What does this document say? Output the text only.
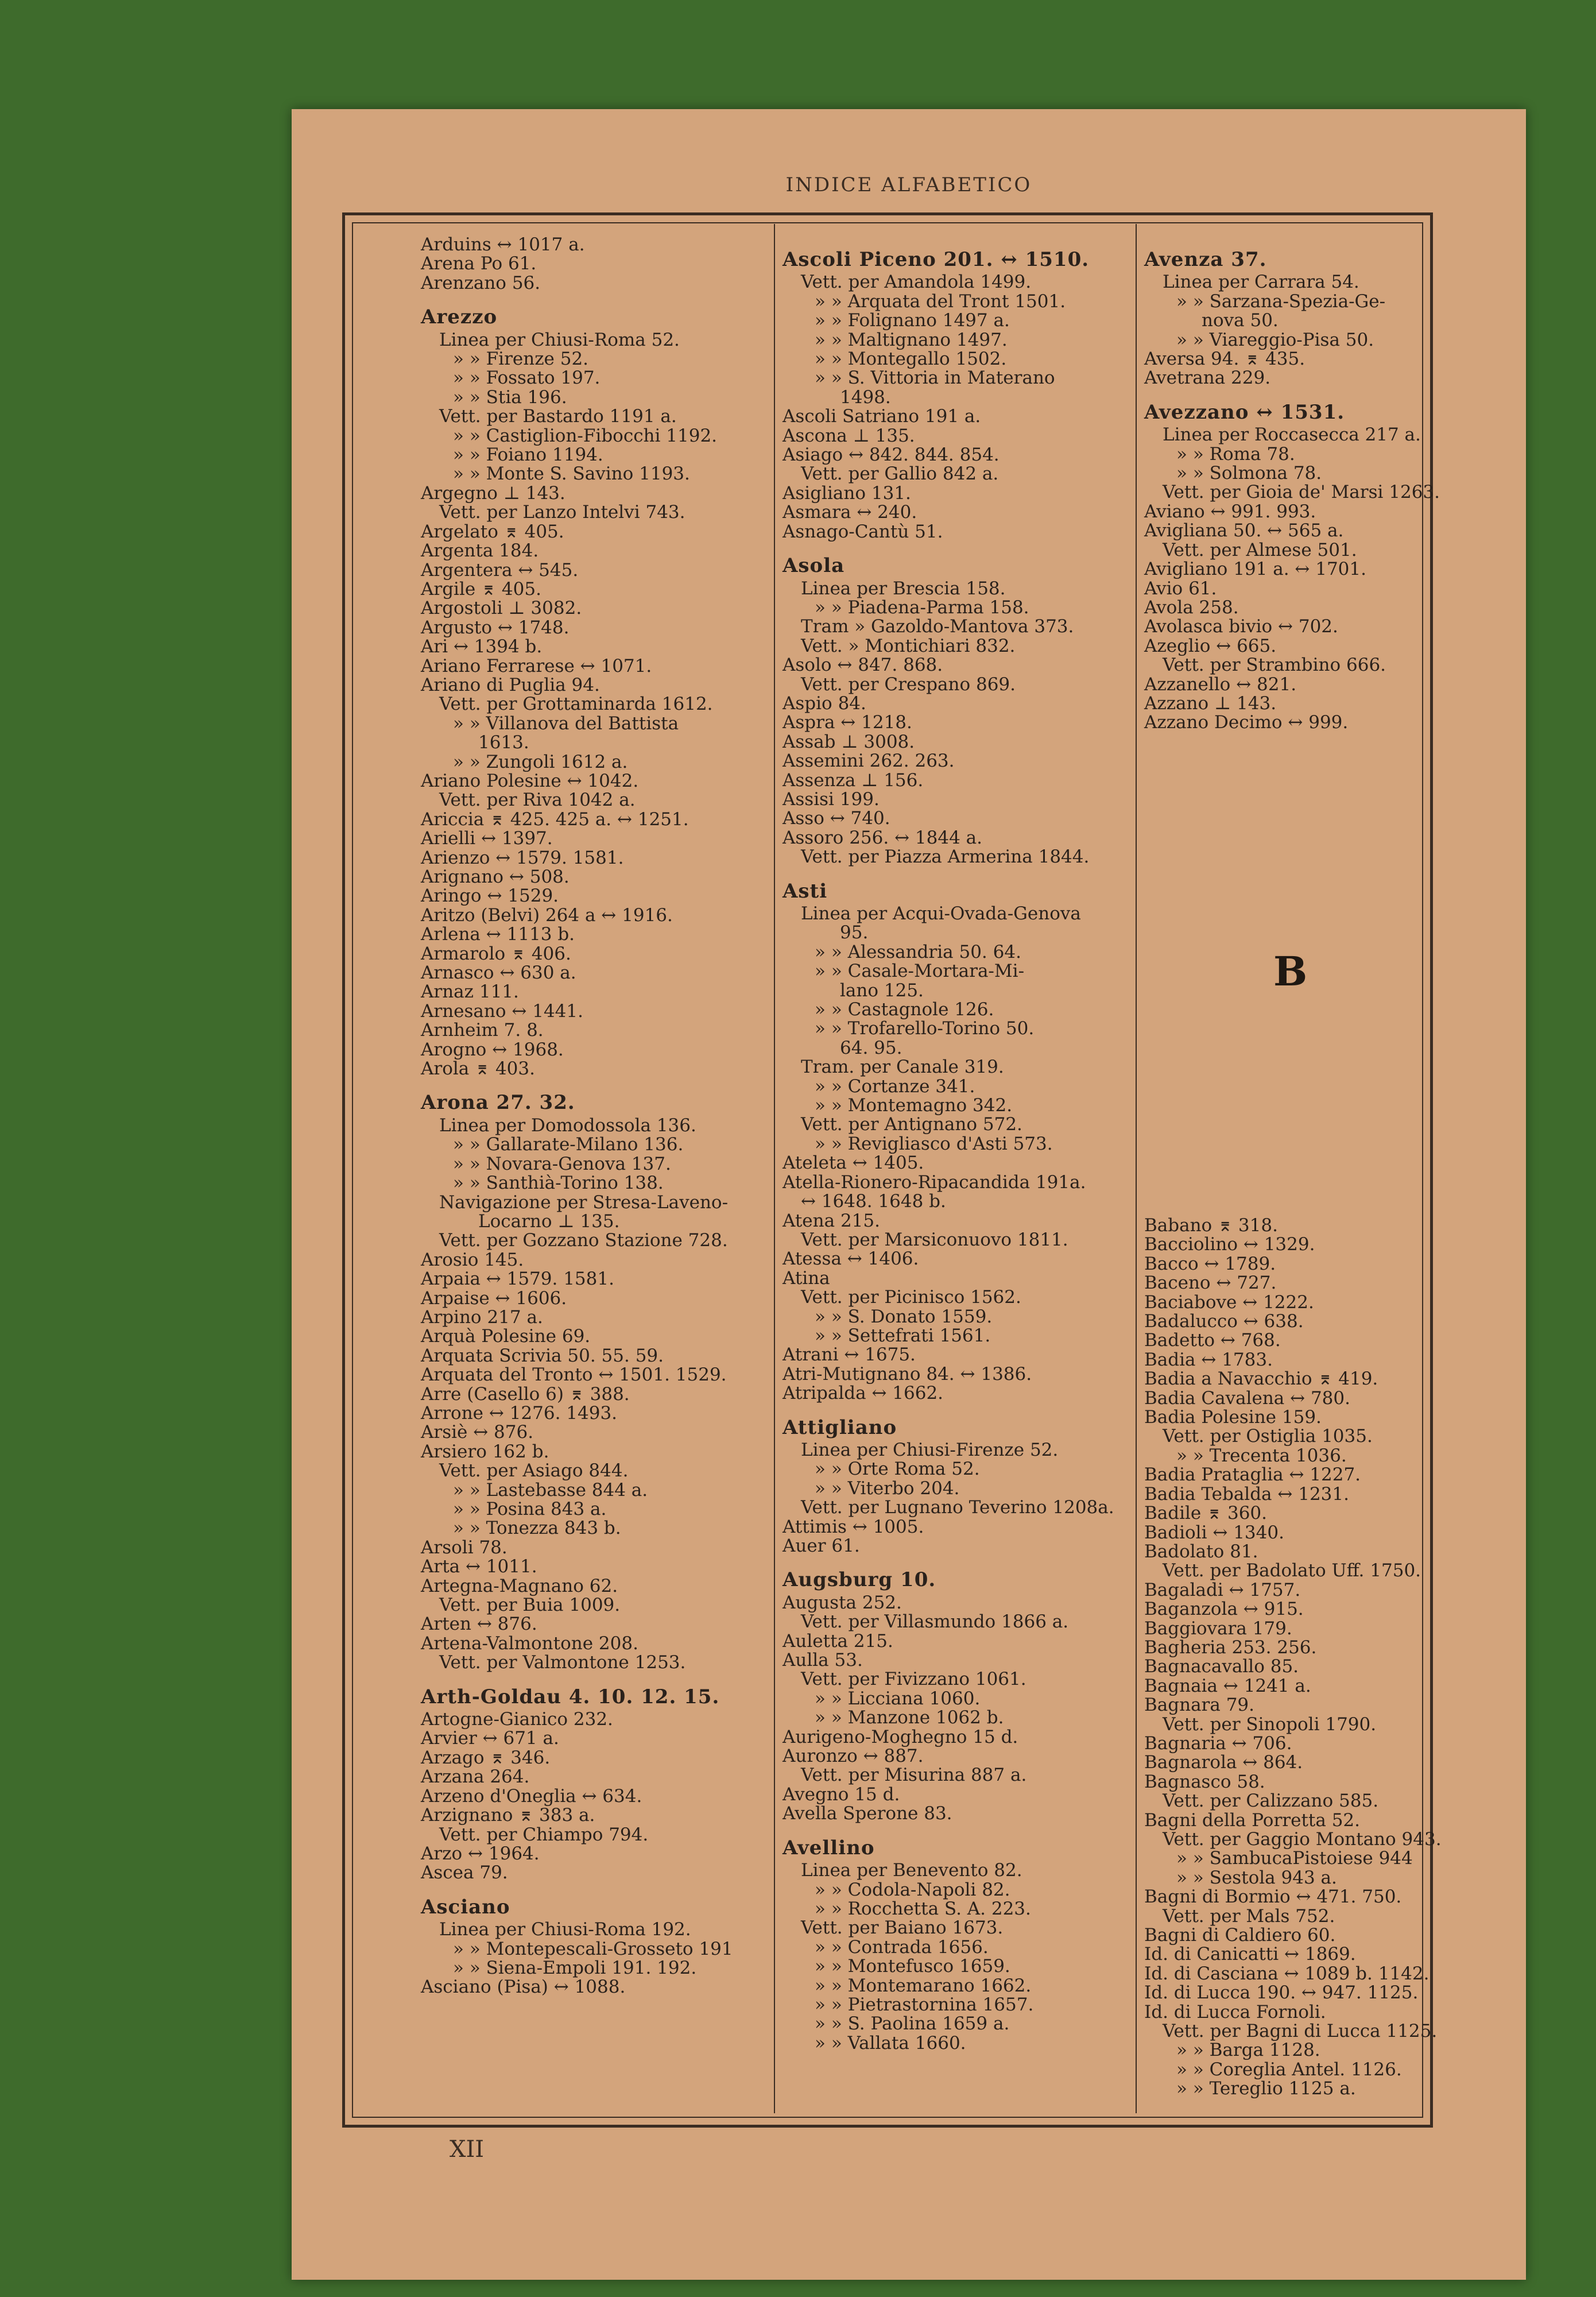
INDICE ALFABETICO
Arduins ↔ 1017 a.
Arena Po 61.
Arenzano 56.
Arezzo
Linea per Chiusi-Roma 52.
» » Firenze 52.
» » Fossato 197.
» » Stia 196.
Vett. per Bastardo 1191 a.
» » Castiglion-Fibocchi 1192.
» » Foiano 1194.
» » Monte S. Savino 1193.
Argegno ⊥ 143.
Vett. per Lanzo Intelvi 743.
Argelato ⌆ 405.
Argenta 184.
Argentera ↔ 545.
Argile ⌆ 405.
Argostoli ⊥ 3082.
Argusto ↔ 1748.
Ari ↔ 1394 b.
Ariano Ferrarese ↔ 1071.
Ariano di Puglia 94.
Vett. per Grottaminarda 1612.
» » Villanova del Battista
1613.
» » Zungoli 1612 a.
Ariano Polesine ↔ 1042.
Vett. per Riva 1042 a.
Ariccia ⌆ 425. 425 a. ↔ 1251.
Arielli ↔ 1397.
Arienzo ↔ 1579. 1581.
Arignano ↔ 508.
Aringo ↔ 1529.
Aritzo (Belvi) 264 a ↔ 1916.
Arlena ↔ 1113 b.
Armarolo ⌆ 406.
Arnasco ↔ 630 a.
Arnaz 111.
Arnesano ↔ 1441.
Arnheim 7. 8.
Arogno ↔ 1968.
Arola ⌆ 403.
Arona 27. 32.
Linea per Domodossola 136.
» » Gallarate-Milano 136.
» » Novara-Genova 137.
» » Santhià-Torino 138.
Navigazione per Stresa-Laveno-
Locarno ⊥ 135.
Vett. per Gozzano Stazione 728.
Arosio 145.
Arpaia ↔ 1579. 1581.
Arpaise ↔ 1606.
Arpino 217 a.
Arquà Polesine 69.
Arquata Scrivia 50. 55. 59.
Arquata del Tronto ↔ 1501. 1529.
Arre (Casello 6) ⌆ 388.
Arrone ↔ 1276. 1493.
Arsiè ↔ 876.
Arsiero 162 b.
Vett. per Asiago 844.
» » Lastebasse 844 a.
» » Posina 843 a.
» » Tonezza 843 b.
Arsoli 78.
Arta ↔ 1011.
Artegna-Magnano 62.
Vett. per Buia 1009.
Arten ↔ 876.
Artena-Valmontone 208.
Vett. per Valmontone 1253.
Arth-Goldau 4. 10. 12. 15.
Artogne-Gianico 232.
Arvier ↔ 671 a.
Arzago ⌆ 346.
Arzana 264.
Arzeno d'Oneglia ↔ 634.
Arzignano ⌆ 383 a.
Vett. per Chiampo 794.
Arzo ↔ 1964.
Ascea 79.
Asciano
Linea per Chiusi-Roma 192.
» » Montepescali-Grosseto 191
» » Siena-Empoli 191. 192.
Asciano (Pisa) ↔ 1088.
Ascoli Piceno 201. ↔ 1510.
Vett. per Amandola 1499.
» » Arquata del Tront 1501.
» » Folignano 1497 a.
» » Maltignano 1497.
» » Montegallo 1502.
» » S. Vittoria in Materano
1498.
Ascoli Satriano 191 a.
Ascona ⊥ 135.
Asiago ↔ 842. 844. 854.
Vett. per Gallio 842 a.
Asigliano 131.
Asmara ↔ 240.
Asnago-Cantù 51.
Asola
Linea per Brescia 158.
» » Piadena-Parma 158.
Tram » Gazoldo-Mantova 373.
Vett. » Montichiari 832.
Asolo ↔ 847. 868.
Vett. per Crespano 869.
Aspio 84.
Aspra ↔ 1218.
Assab ⊥ 3008.
Assemini 262. 263.
Assenza ⊥ 156.
Assisi 199.
Asso ↔ 740.
Assoro 256. ↔ 1844 a.
Vett. per Piazza Armerina 1844.
Asti
Linea per Acqui-Ovada-Genova
95.
» » Alessandria 50. 64.
» » Casale-Mortara-Mi-
lano 125.
» » Castagnole 126.
» » Trofarello-Torino 50.
64. 95.
Tram. per Canale 319.
» » Cortanze 341.
» » Montemagno 342.
Vett. per Antignano 572.
» » Revigliasco d'Asti 573.
Ateleta ↔ 1405.
Atella-Rionero-Ripacandida 191a.
↔ 1648. 1648 b.
Atena 215.
Vett. per Marsiconuovo 1811.
Atessa ↔ 1406.
Atina
Vett. per Picinisco 1562.
» » S. Donato 1559.
» » Settefrati 1561.
Atrani ↔ 1675.
Atri-Mutignano 84. ↔ 1386.
Atripalda ↔ 1662.
Attigliano
Linea per Chiusi-Firenze 52.
» » Orte Roma 52.
» » Viterbo 204.
Vett. per Lugnano Teverino 1208a.
Attimis ↔ 1005.
Auer 61.
Augsburg 10.
Augusta 252.
Vett. per Villasmundo 1866 a.
Auletta 215.
Aulla 53.
Vett. per Fivizzano 1061.
» » Licciana 1060.
» » Manzone 1062 b.
Aurigeno-Moghegno 15 d.
Auronzo ↔ 887.
Vett. per Misurina 887 a.
Avegno 15 d.
Avella Sperone 83.
Avellino
Linea per Benevento 82.
» » Codola-Napoli 82.
» » Rocchetta S. A. 223.
Vett. per Baiano 1673.
» » Contrada 1656.
» » Montefusco 1659.
» » Montemarano 1662.
» » Pietrastornina 1657.
» » S. Paolina 1659 a.
» » Vallata 1660.
Avenza 37.
Linea per Carrara 54.
» » Sarzana-Spezia-Ge-
nova 50.
» » Viareggio-Pisa 50.
Aversa 94. ⌆ 435.
Avetrana 229.
Avezzano ↔ 1531.
Linea per Roccasecca 217 a.
» » Roma 78.
» » Solmona 78.
Vett. per Gioia de' Marsi 1263.
Aviano ↔ 991. 993.
Avigliana 50. ↔ 565 a.
Vett. per Almese 501.
Avigliano 191 a. ↔ 1701.
Avio 61.
Avola 258.
Avolasca bivio ↔ 702.
Azeglio ↔ 665.
Vett. per Strambino 666.
Azzanello ↔ 821.
Azzano ⊥ 143.
Azzano Decimo ↔ 999.
Babano ⌆ 318.
Bacciolino ↔ 1329.
Bacco ↔ 1789.
Baceno ↔ 727.
Baciabove ↔ 1222.
Badalucco ↔ 638.
Badetto ↔ 768.
Badia ↔ 1783.
Badia a Navacchio ⌆ 419.
Badia Cavalena ↔ 780.
Badia Polesine 159.
Vett. per Ostiglia 1035.
» » Trecenta 1036.
Badia Prataglia ↔ 1227.
Badia Tebalda ↔ 1231.
Badile ⌆ 360.
Badioli ↔ 1340.
Badolato 81.
Vett. per Badolato Uff. 1750.
Bagaladi ↔ 1757.
Baganzola ↔ 915.
Baggiovara 179.
Bagheria 253. 256.
Bagnacavallo 85.
Bagnaia ↔ 1241 a.
Bagnara 79.
Vett. per Sinopoli 1790.
Bagnaria ↔ 706.
Bagnarola ↔ 864.
Bagnasco 58.
Vett. per Calizzano 585.
Bagni della Porretta 52.
Vett. per Gaggio Montano 943.
» » SambucaPistoiese 944
» » Sestola 943 a.
Bagni di Bormio ↔ 471. 750.
Vett. per Mals 752.
Bagni di Caldiero 60.
Id. di Canicatti ↔ 1869.
Id. di Casciana ↔ 1089 b. 1142.
Id. di Lucca 190. ↔ 947. 1125.
Id. di Lucca Fornoli.
Vett. per Bagni di Lucca 1125.
» » Barga 1128.
» » Coreglia Antel. 1126.
» » Tereglio 1125 a.
B
XII
